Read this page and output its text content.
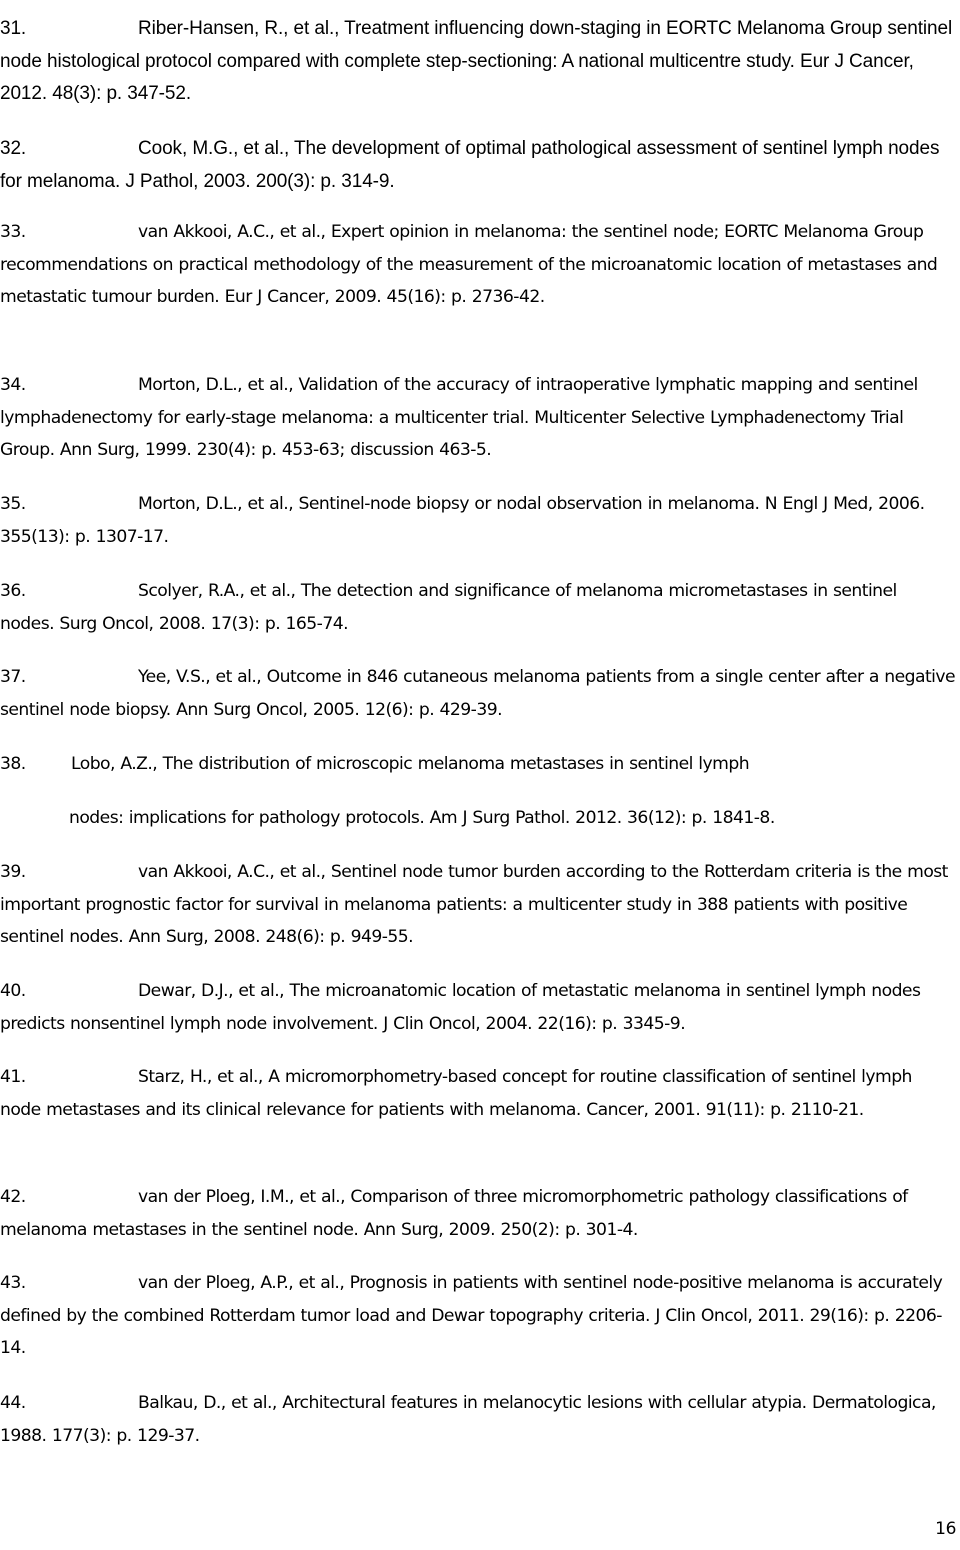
31.	Riber-Hansen, R., et al., Treatment influencing down-staging in EORTC Melanoma Group sentinel node histological protocol compared with complete step-sectioning: A national multicentre study. Eur J Cancer, 2012. 48(3): p. 347-52.

32.	Cook, M.G., et al., The development of optimal pathological assessment of sentinel lymph nodes for melanoma. J Pathol, 2003. 200(3): p. 314-9.

33.	van Akkooi, A.C., et al., Expert opinion in melanoma: the sentinel node; EORTC Melanoma Group recommendations on practical methodology of the measurement of the microanatomic location of metastases and metastatic tumour burden. Eur J Cancer, 2009. 45(16): p. 2736-42.

34.	Morton, D.L., et al., Validation of the accuracy of intraoperative lymphatic mapping and sentinel lymphadenectomy for early-stage melanoma: a multicenter trial. Multicenter Selective Lymphadenectomy Trial Group. Ann Surg, 1999. 230(4): p. 453-63; discussion 463-5.

35.	Morton, D.L., et al., Sentinel-node biopsy or nodal observation in melanoma. N Engl J Med, 2006. 355(13): p. 1307-17.

36.	Scolyer, R.A., et al., The detection and significance of melanoma micrometastases in sentinel nodes. Surg Oncol, 2008. 17(3): p. 165-74.

37.	Yee, V.S., et al., Outcome in 846 cutaneous melanoma patients from a single center after a negative sentinel node biopsy. Ann Surg Oncol, 2005. 12(6): p. 429-39.

38.	Lobo, A.Z., The distribution of microscopic melanoma metastases in sentinel lymph
nodes: implications for pathology protocols. Am J Surg Pathol. 2012. 36(12): p. 1841-8.

39.	van Akkooi, A.C., et al., Sentinel node tumor burden according to the Rotterdam criteria is the most important prognostic factor for survival in melanoma patients: a multicenter study in 388 patients with positive sentinel nodes. Ann Surg, 2008. 248(6): p. 949-55.

40.	Dewar, D.J., et al., The microanatomic location of metastatic melanoma in sentinel lymph nodes predicts nonsentinel lymph node involvement. J Clin Oncol, 2004. 22(16): p. 3345-9.

41.	Starz, H., et al., A micromorphometry-based concept for routine classification of sentinel lymph node metastases and its clinical relevance for patients with melanoma. Cancer, 2001. 91(11): p. 2110-21.

42.	van der Ploeg, I.M., et al., Comparison of three micromorphometric pathology classifications of melanoma metastases in the sentinel node. Ann Surg, 2009. 250(2): p. 301-4.

43.	van der Ploeg, A.P., et al., Prognosis in patients with sentinel node-positive melanoma is accurately defined by the combined Rotterdam tumor load and Dewar topography criteria. J Clin Oncol, 2011. 29(16): p. 2206-14.

44.	Balkau, D., et al., Architectural features in melanocytic lesions with cellular atypia. Dermatologica, 1988. 177(3): p. 129-37.

16
